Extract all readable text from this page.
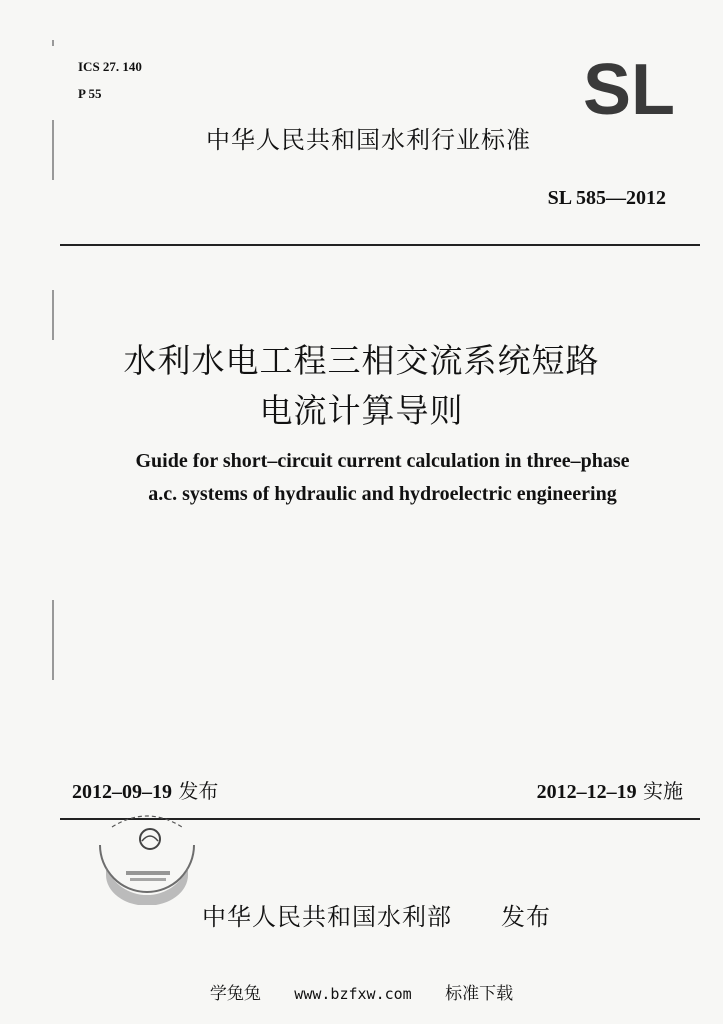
ICS 27. 140
P 55	SL
中华人民共和国水利行业标准
SL 585—2012
水利水电工程三相交流系统短路
电流计算导则
Guide for short–circuit current calculation in three–phase
a.c. systems of hydraulic and hydroelectric engineering
2012–09–19 发布	2012–12–19 实施
中华人民共和国水利部 发布
学兔兔 www.bzfxw.com 标准下载
